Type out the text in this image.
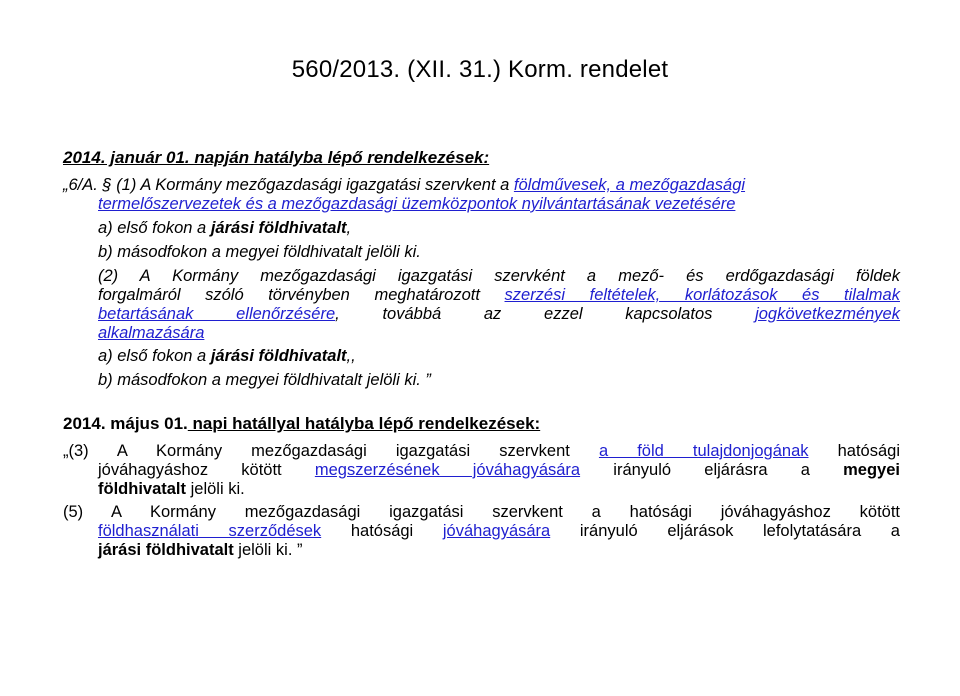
560/2013. (XII. 31.) Korm. rendelet
2014. január 01. napján hatályba lépő rendelkezések:
„6/A. § (1) A Kormány mezőgazdasági igazgatási szervkent a földművesek, a mezőgazdasági
termelőszervezetek és a mezőgazdasági üzemközpontok nyilvántartásának vezetésére
a) első fokon a járási földhivatalt,
b) másodfokon a megyei földhivatalt jelöli ki.
(2) A Kormány mezőgazdasági igazgatási szervként a mező- és erdőgazdasági földek
forgalmáról szóló törvényben meghatározott szerzési feltételek, korlátozások és tilalmak
betartásának ellenőrzésére, továbbá az ezzel kapcsolatos jogkövetkezmények
alkalmazására
a) első fokon a járási földhivatalt,,
b) másodfokon a megyei földhivatalt jelöli ki. ”
2014. május 01. napi hatállyal hatályba lépő rendelkezések:
„(3) A Kormány mezőgazdasági igazgatási szervkent a föld tulajdonjogának hatósági
jóváhagyáshoz kötött megszerzésének jóváhagyására irányuló eljárásra a megyei
földhivatalt jelöli ki.
(5) A Kormány mezőgazdasági igazgatási szervkent a hatósági jóváhagyáshoz kötött
földhasználati szerződések hatósági jóváhagyására irányuló eljárások lefolytatására a
járási földhivatalt jelöli ki. ”
